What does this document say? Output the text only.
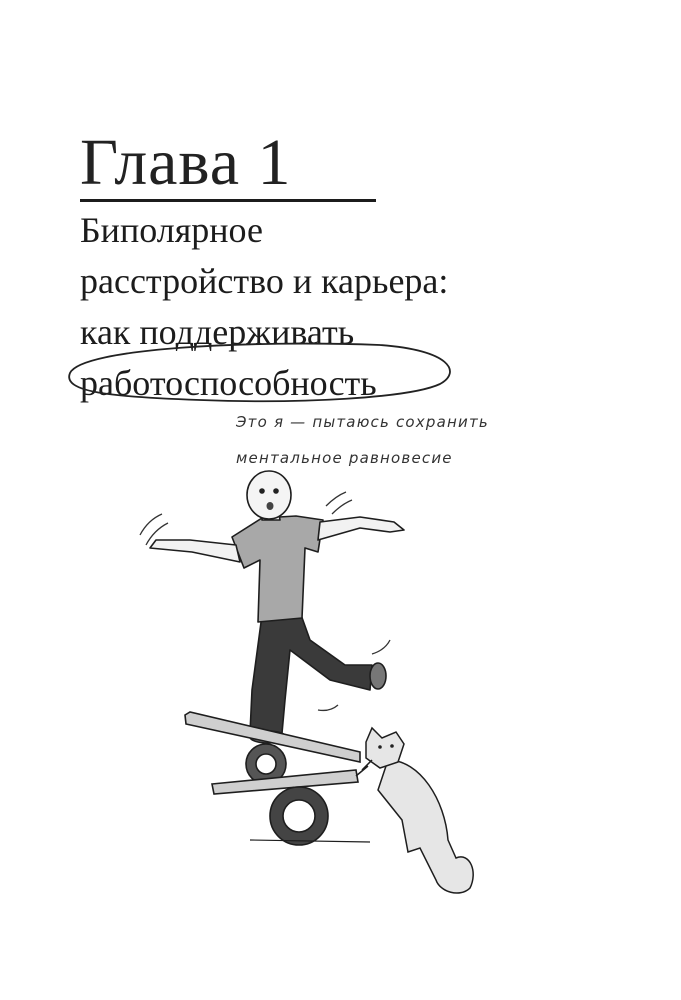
Глава 1
Биполярное
расстройство и карьера:
как поддерживать
работоспособность
Это я — пытаюсь сохранить
ментальное равновесие
